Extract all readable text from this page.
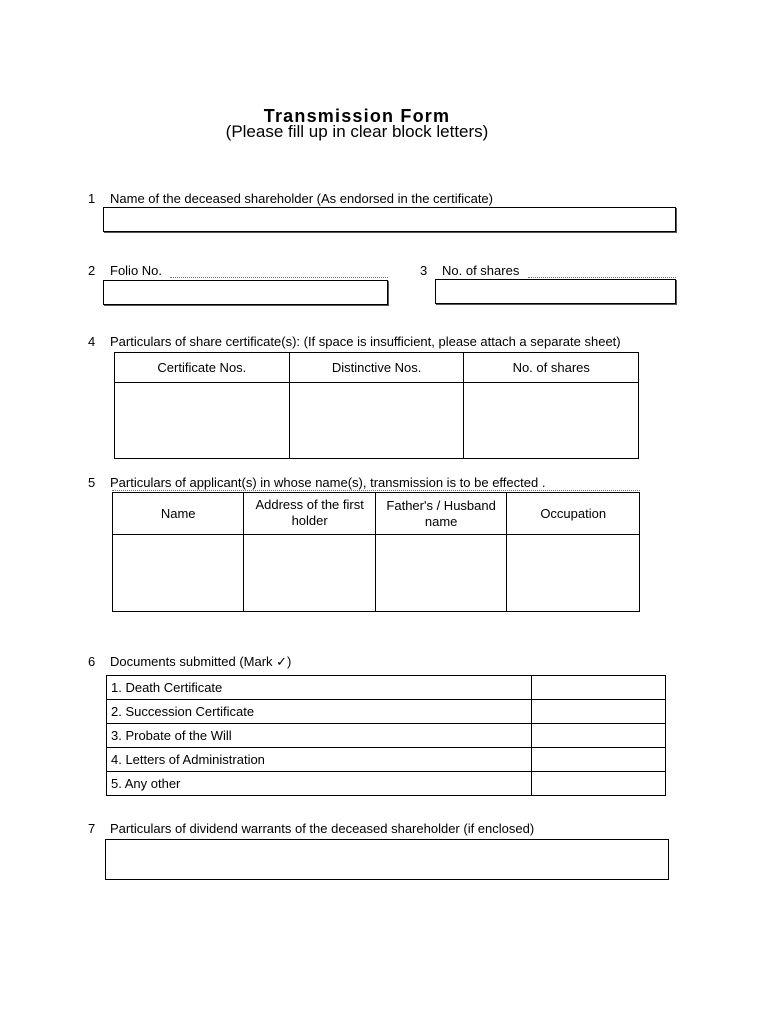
Transmission Form
(Please fill up in clear block letters)
1 Name of the deceased shareholder (As endorsed in the certificate)
2 Folio No.	3 No. of shares
4 Particulars of share certificate(s): (If space is insufficient, please attach a separate sheet)
Certificate Nos.	Distinctive Nos.	No. of shares

5 Particulars of applicant(s) in whose name(s), transmission is to be effected .
Name	Address of the first holder	Father's / Husband name	Occupation

6 Documents submitted (Mark ✓)
1. Death Certificate	
2. Succession Certificate	
3. Probate of the Will	
4. Letters of Administration	
5. Any other	
7 Particulars of dividend warrants of the deceased shareholder (if enclosed)
